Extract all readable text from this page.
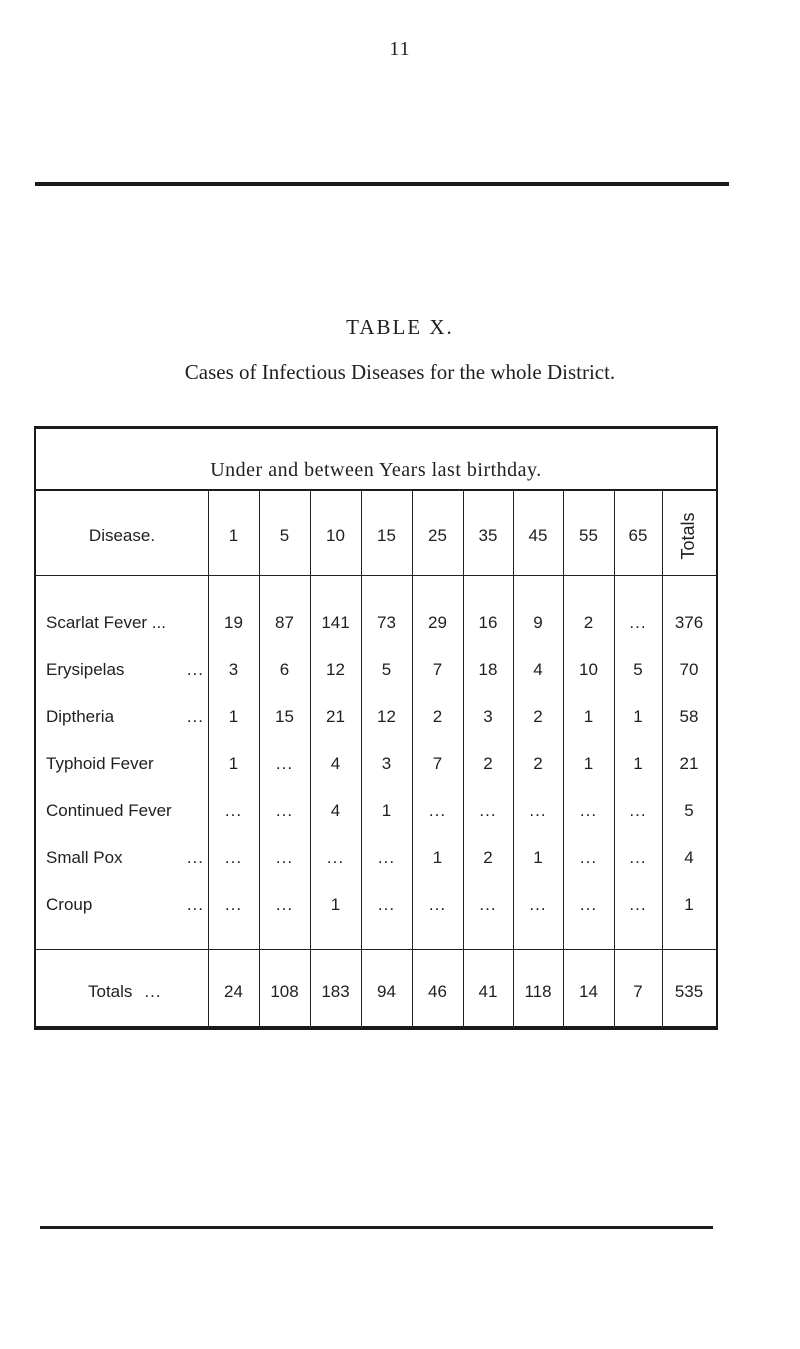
11
TABLE X.
Cases of Infectious Diseases for the whole District.
Under and between Years last birthday.
Disease.	1	5	10	15	25	35	45	55	65	Totals
Scarlat Fever ...	19	87	141	73	29	16	9	2	...	376
Erysipelas	...	3	6	12	5	7	18	4	10	5	70
Diptheria	...	1	15	21	12	2	3	2	1	1	58
Typhoid Fever	1	...	4	3	7	2	2	1	1	21
Continued Fever	...	...	4	1	...	...	...	...	...	5
Small Pox	...	...	...	...	...	1	2	1	...	...	4
Croup	...	...	...	1	...	...	...	...	...	...	1
Totals ...	24	108	183	94	46	41	118	14	7	535
